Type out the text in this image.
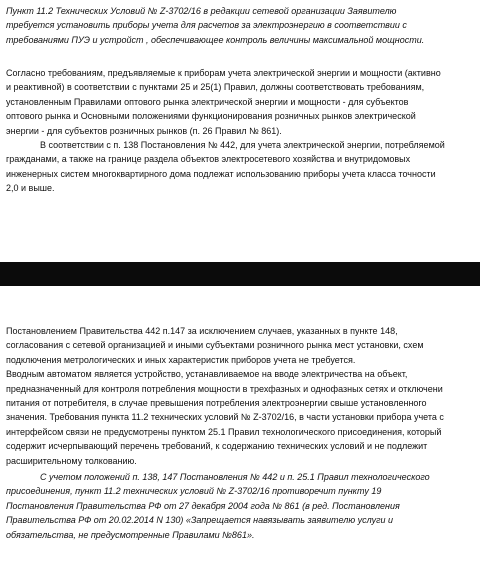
Пункт 11.2 Технических Условий № Z-3702/16 в редакции сетевой организации Заявителю
требуется установить приборы учета для расчетов за электроэнергию в соответствии с
требованиями ПУЭ и устройст , обеспечивающее контроль величины максимальной мощности.

Согласно требованиям, предъявляемые к приборам учета электрической энергии и мощности (активно
и реактивной) в соответствии с пунктами 25 и 25(1) Правил, должны соответствовать требованиям,
установленным Правилами оптового рынка электрической энергии и мощности - для субъектов
оптового рынка и Основными положениями функционирования розничных рынков электрической
энергии - для субъектов розничных рынков (п. 26 Правил № 861).

В соответствии с п. 138 Постановления № 442, для учета электрической энергии, потребляемой
гражданами, а также на границе раздела объектов электросетевого хозяйства и внутридомовых
инженерных систем многоквартирного дома подлежат использованию приборы учета класса точности
2,0 и выше.

Постановлением Правительства 442 п.147 за исключением случаев, указанных в пункте 148,
согласования с сетевой организацией и иными субъектами розничного рынка мест установки, схем
подключения метрологических и иных характеристик приборов учета не требуется.
Вводным автоматом является устройство, устанавливаемое на вводе электричества на объект,
предназначенный для контроля потребления мощности в трехфазных и однофазных сетях и отключени
питания от потребителя, в случае превышения потребления электроэнергии свыше установленного
значения. Требования пункта 11.2 технических условий № Z-3702/16, в части установки прибора учета с
интерфейсом связи не предусмотрены пунктом 25.1 Правил технологического присоединения, который
содержит исчерпывающий перечень требований, к содержанию технических условий и не подлежит
расширительному толкованию.

С учетом положений п. 138, 147 Постановления № 442 и п. 25.1 Правил технологического
присоединения, пункт 11.2 технических условий № Z-3702/16 противоречит пункту 19
Постановления Правительства РФ от 27 декабря 2004 года № 861 (в ред. Постановления
Правительства РФ от 20.02.2014 N 130) «Запрещается навязывать заявителю услуги и
обязательства, не предусмотренные Правилами №861».
